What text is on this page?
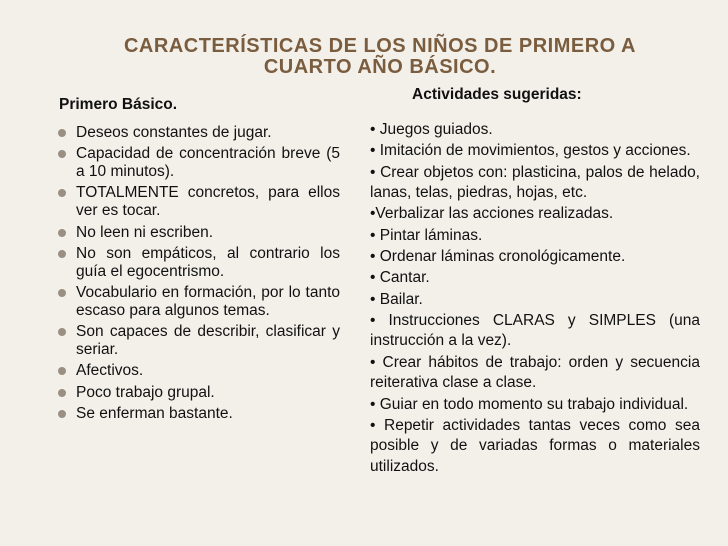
CARACTERÍSTICAS DE LOS NIÑOS DE PRIMERO A
CUARTO AÑO BÁSICO.
Primero Básico.
Actividades sugeridas:
Deseos constantes de jugar.
Capacidad de concentración breve (5 a 10 minutos).
TOTALMENTE concretos, para ellos ver es tocar.
No leen ni escriben.
No son empáticos, al contrario los guía el egocentrismo.
Vocabulario en formación, por lo tanto escaso para algunos temas.
Son capaces de describir, clasificar y seriar.
Afectivos.
Poco trabajo grupal.
Se enferman bastante.

• Juegos guiados.

• Imitación de movimientos, gestos y acciones.

• Crear objetos con: plasticina, palos de helado, lanas, telas, piedras, hojas, etc.

•Verbalizar las acciones realizadas.

• Pintar láminas.

• Ordenar láminas cronológicamente.

• Cantar.

• Bailar.

• Instrucciones CLARAS y SIMPLES (una instrucción a la vez).

• Crear hábitos de trabajo: orden y secuencia reiterativa clase a clase.

• Guiar en todo momento su trabajo individual.

• Repetir actividades tantas veces como sea posible y de variadas formas o materiales utilizados.
